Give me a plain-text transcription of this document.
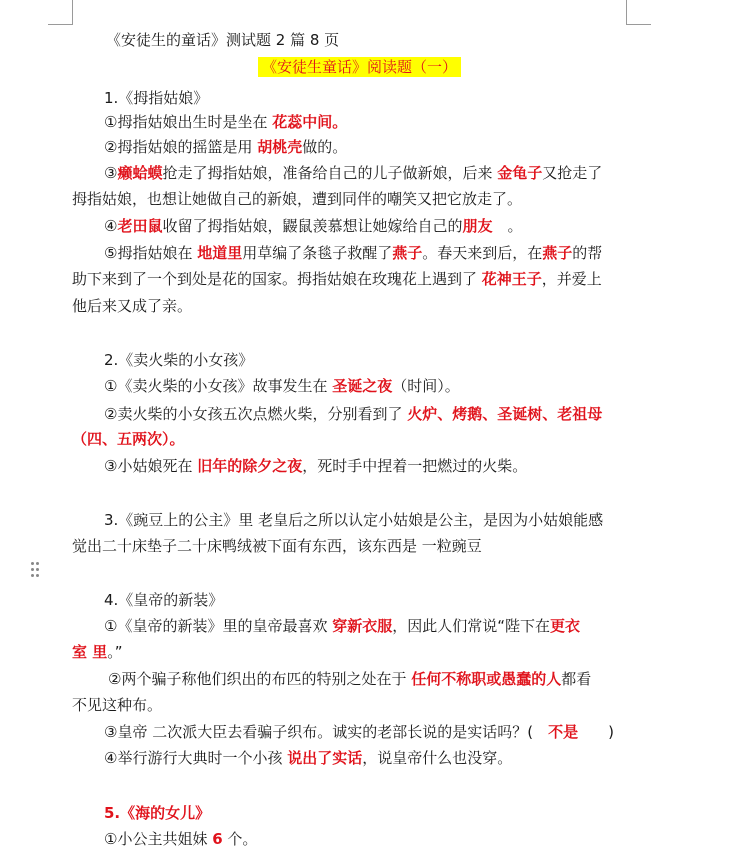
《安徒生的童话》测试题 2 篇 8 页
《安徒生童话》阅读题（一）
1.《拇指姑娘》
①拇指姑娘出生时是坐在 花蕊中间。
②拇指姑娘的摇篮是用 胡桃壳做的。
③癞蛤蟆抢走了拇指姑娘，准备给自己的儿子做新娘，后来 金龟子又抢走了
拇指姑娘，也想让她做自己的新娘，遭到同伴的嘲笑又把它放走了。
④老田鼠收留了拇指姑娘，鼹鼠羡慕想让她嫁给自己的朋友　。
⑤拇指姑娘在 地道里用草编了条毯子救醒了燕子。春天来到后，在燕子的帮
助下来到了一个到处是花的国家。拇指姑娘在玫瑰花上遇到了 花神王子，并爱上
他后来又成了亲。
2.《卖火柴的小女孩》
①《卖火柴的小女孩》故事发生在 圣诞之夜（时间）。
②卖火柴的小女孩五次点燃火柴，分别看到了 火炉、烤鹅、圣诞树、老祖母
（四、五两次）。
③小姑娘死在 旧年的除夕之夜，死时手中捏着一把燃过的火柴。
3.《豌豆上的公主》里 老皇后之所以认定小姑娘是公主，是因为小姑娘能感
觉出二十床垫子二十床鸭绒被下面有东西，该东西是 一粒豌豆
4.《皇帝的新装》
①《皇帝的新装》里的皇帝最喜欢 穿新衣服，因此人们常说“陛下在更衣
室 里。”
②两个骗子称他们织出的布匹的特别之处在于 任何不称职或愚蠢的人都看
不见这种布。
③皇帝 二次派大臣去看骗子织布。诚实的老部长说的是实话吗？(　不是　　)
④举行游行大典时一个小孩 说出了实话，说皇帝什么也没穿。
5.《海的女儿》
①小公主共姐妹 6 个。
